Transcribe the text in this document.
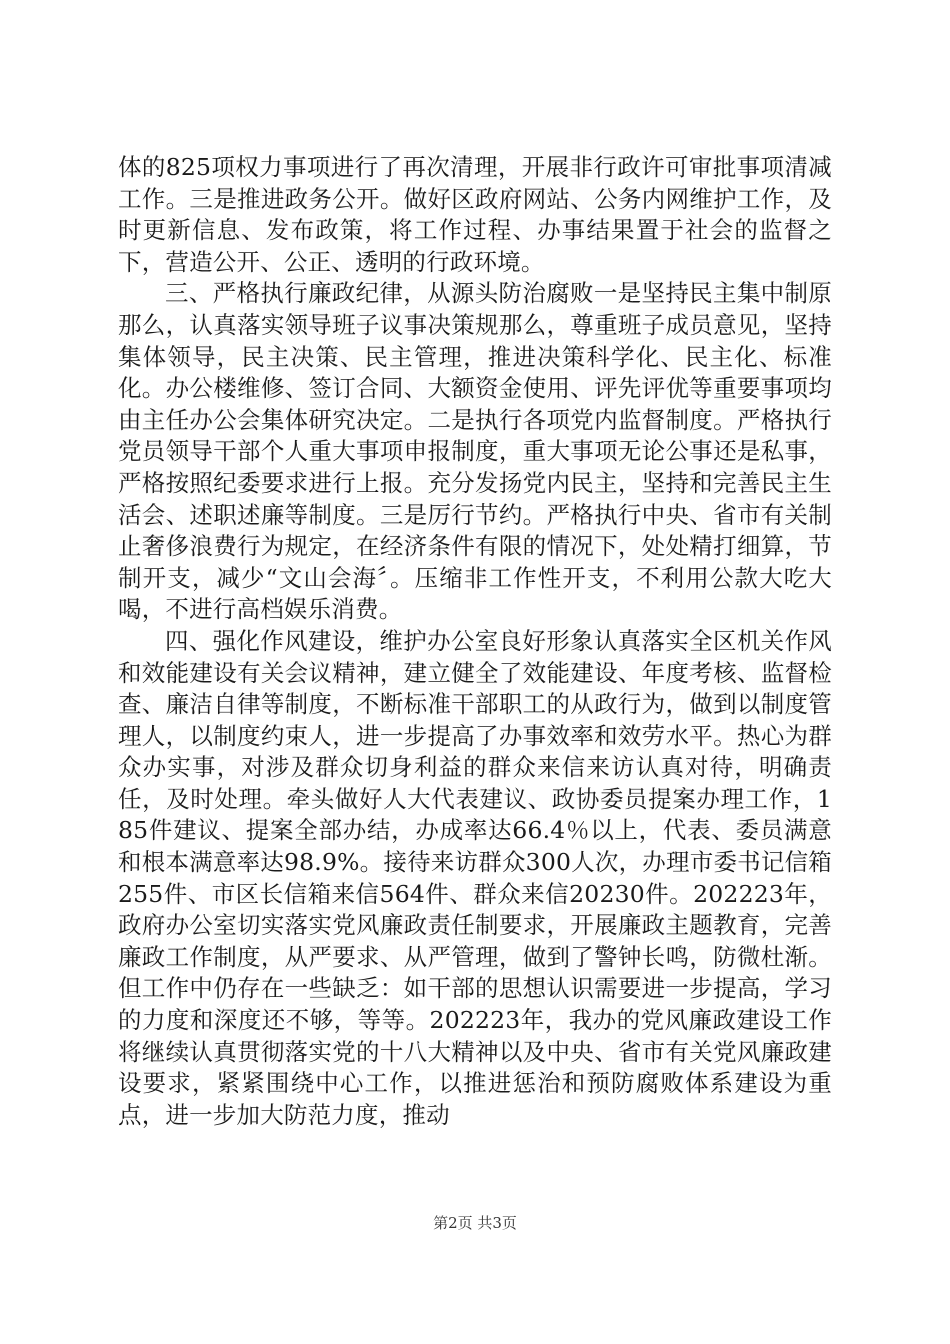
体的825项权力事项进行了再次清理，开展非行政许可审批事项清减工作。三是推进政务公开。做好区政府网站、公务内网维护工作，及时更新信息、发布政策，将工作过程、办事结果置于社会的监督之下，营造公开、公正、透明的行政环境。

三、严格执行廉政纪律，从源头防治腐败一是坚持民主集中制原那么，认真落实领导班子议事决策规那么，尊重班子成员意见，坚持集体领导，民主决策、民主管理，推进决策科学化、民主化、标准化。办公楼维修、签订合同、大额资金使用、评先评优等重要事项均由主任办公会集体研究决定。二是执行各项党内监督制度。严格执行党员领导干部个人重大事项申报制度，重大事项无论公事还是私事，严格按照纪委要求进行上报。充分发扬党内民主，坚持和完善民主生活会、述职述廉等制度。三是厉行节约。严格执行中央、省市有关制止奢侈浪费行为规定，在经济条件有限的情况下，处处精打细算，节制开支，减少“文山会海〞。压缩非工作性开支，不利用公款大吃大喝，不进行高档娱乐消费。

四、强化作风建设，维护办公室良好形象认真落实全区机关作风和效能建设有关会议精神，建立健全了效能建设、年度考核、监督检查、廉洁自律等制度，不断标准干部职工的从政行为，做到以制度管理人，以制度约束人，进一步提高了办事效率和效劳水平。热心为群众办实事，对涉及群众切身利益的群众来信来访认真对待，明确责任，及时处理。牵头做好人大代表建议、政协委员提案办理工作，185件建议、提案全部办结，办成率达66.4％以上，代表、委员满意和根本满意率达98.9%。接待来访群众300人次，办理市委书记信箱255件、市区长信箱来信564件、群众来信20230件。202223年，政府办公室切实落实党风廉政责任制要求，开展廉政主题教育，完善廉政工作制度，从严要求、从严管理，做到了警钟长鸣，防微杜渐。但工作中仍存在一些缺乏：如干部的思想认识需要进一步提高，学习的力度和深度还不够，等等。202223年，我办的党风廉政建设工作将继续认真贯彻落实党的十八大精神以及中央、省市有关党风廉政建设要求，紧紧围绕中心工作，以推进惩治和预防腐败体系建设为重点，进一步加大防范力度，推动

第2页 共3页
